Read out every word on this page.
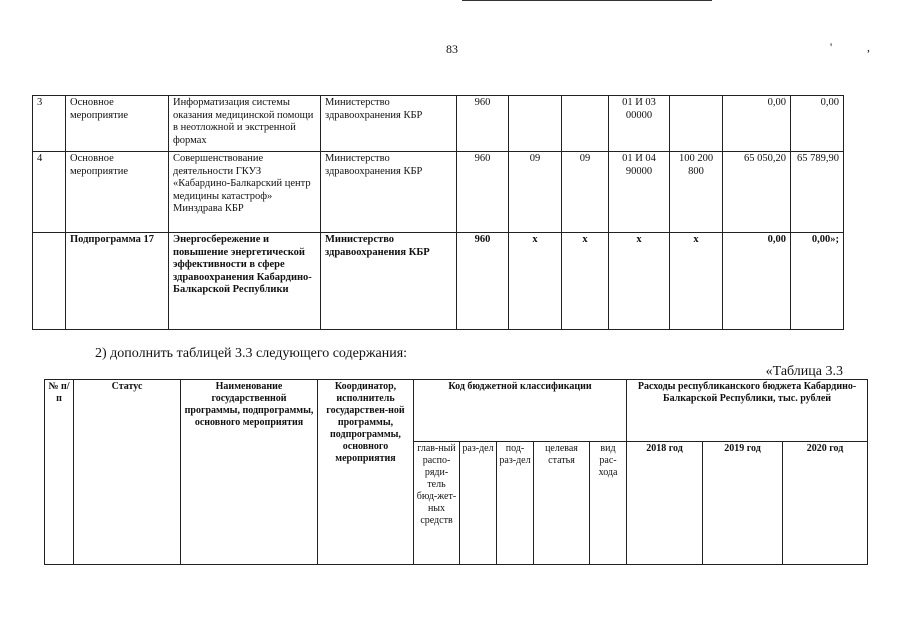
83	'	,
3	Основное мероприятие	Информатизация системы оказания медицинской помощи в неотложной и экстренной формах	Министерство здравоохранения КБР	960			01 И 03 00000		0,00	0,00
4	Основное мероприятие	Совершенствование деятельности ГКУЗ «Кабардино-Балкарский центр медицины катастроф» Минздрава КБР	Министерство здравоохранения КБР	960	09	09	01 И 04 90000	100 200 800	65 050,20	65 789,90
	Подпрограмма 17	Энергосбережение и повышение энергетической эффективности в сфере здравоохранения Кабардино-Балкарской Республики	Министерство здравоохранения КБР	960	х	х	х	х	0,00	0,00»;
2) дополнить таблицей 3.3 следующего содержания:
«Таблица 3.3
№ п/п	Статус	Наименование государственной программы, подпрограммы, основного мероприятия	Координатор, исполнитель государствен-ной программы, подпрограммы, основного мероприятия	Код бюджетной классификации					Расходы республиканского бюджета Кабардино-Балкарской Республики, тыс. рублей		
				глав-ный распо-ряди-тель бюд-жет-ных средств	раз-дел	под-раз-дел	целевая статья	вид рас-хода	2018 год	2019 год	2020 год
